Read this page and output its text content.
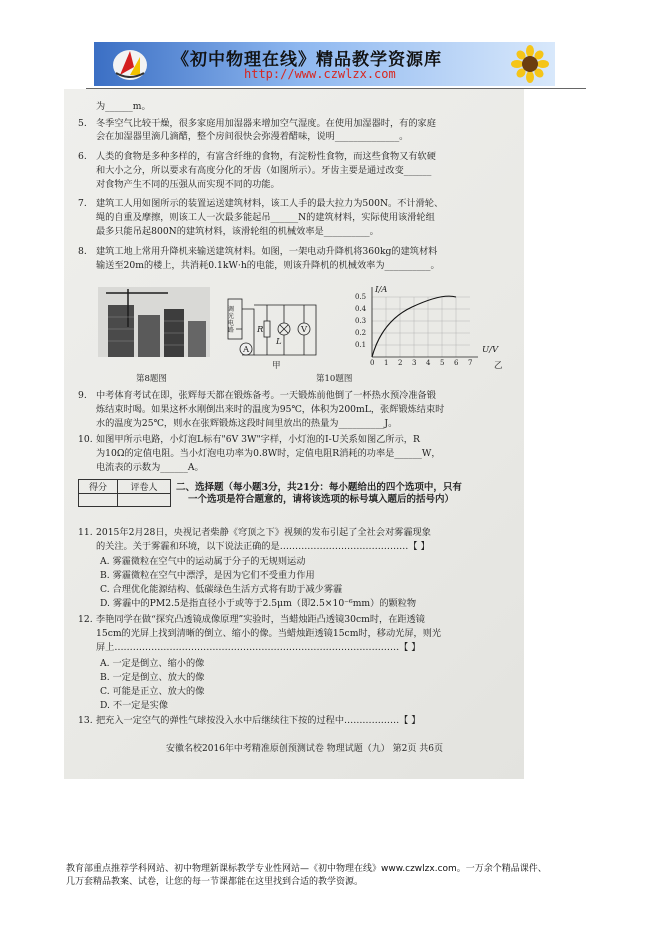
《初中物理在线》精品教学资源库
http://www.czwlzx.com
为______m。
5. 冬季空气比较干燥，很多家庭用加湿器来增加空气湿度。在使用加湿器时，有的家庭
会在加湿器里滴几滴醋，整个房间很快会弥漫着醋味，说明______________。
6. 人类的食物是多种多样的，有富含纤维的食物，有淀粉性食物，而这些食物又有软硬
和大小之分，所以要求有高度分化的牙齿（如图所示）。牙齿主要是通过改变______
对食物产生不同的压强从而实现不同的功能。
7. 建筑工人用如图所示的装置运送建筑材料，该工人手的最大拉力为500N。不计滑轮、
绳的自重及摩擦，则该工人一次最多能起吊______N的建筑材料，实际使用该滑轮组
最多只能吊起800N的建筑材料，该滑轮组的机械效率是__________。
8. 建筑工地上常用升降机来输送建筑材料。如图，一架电动升降机将360kg的建筑材料
输送至20m的楼上，共消耗0.1kW·h的电能，则该升降机的机械效率为__________。
第8题图
调光电路	R
L
A
V
甲
第10题图
I/A
U/V
乙
0.5
0.4
0.3
0.2
0.1
0 1 2 3 4 5 6 7
9. 中考体育考试在即，张辉每天都在锻炼备考。一天锻炼前他倒了一杯热水预冷准备锻
炼结束时喝。如果这杯水刚倒出来时的温度为95℃，体积为200mL，张辉锻炼结束时
水的温度为25℃，则水在张辉锻炼这段时间里放出的热量为__________J。
10. 如图甲所示电路，小灯泡L标有"6V 3W"字样，小灯泡的I-U关系如图乙所示，R
为10Ω的定值电阻。当小灯泡电功率为0.8W时，定值电阻R消耗的功率是______W，
电流表的示数为______A。
得分	评卷人
	二、选择题（每小题3分，共21分：每小题给出的四个选项中，只有
一个选项是符合题意的，请将该选项的标号填入题后的括号内）
11. 2015年2月28日，央视记者柴静《穹顶之下》视频的发布引起了全社会对雾霾现象
的关注。关于雾霾和环境，以下说法正确的是……………………………………【 】
A. 雾霾微粒在空气中的运动属于分子的无规则运动
B. 雾霾微粒在空气中漂浮，是因为它们不受重力作用
C. 合理优化能源结构、低碳绿色生活方式将有助于减少雾霾
D. 雾霾中的PM2.5是指直径小于或等于2.5μm（即2.5×10⁻⁶mm）的颗粒物
12. 李艳同学在做“探究凸透镜成像原理”实验时，当蜡烛距凸透镜30cm时，在距透镜
15cm的光屏上找到清晰的倒立、缩小的像。当蜡烛距透镜15cm时，移动光屏，则光
屏上…………………………………………………………………………………【 】
A. 一定是倒立、缩小的像
B. 一定是倒立、放大的像
C. 可能是正立、放大的像
D. 不一定是实像
13. 把充入一定空气的弹性气球按没入水中后继续往下按的过程中………………【 】
安徽名校2016年中考精准原创预测试卷 物理试题（九） 第2页 共6页
教育部重点推荐学科网站、初中物理新课标教学专业性网站—《初中物理在线》www.czwlzx.com。一万余个精品课件、
几万套精品教案、试卷，让您的每一节课都能在这里找到合适的教学资源。
